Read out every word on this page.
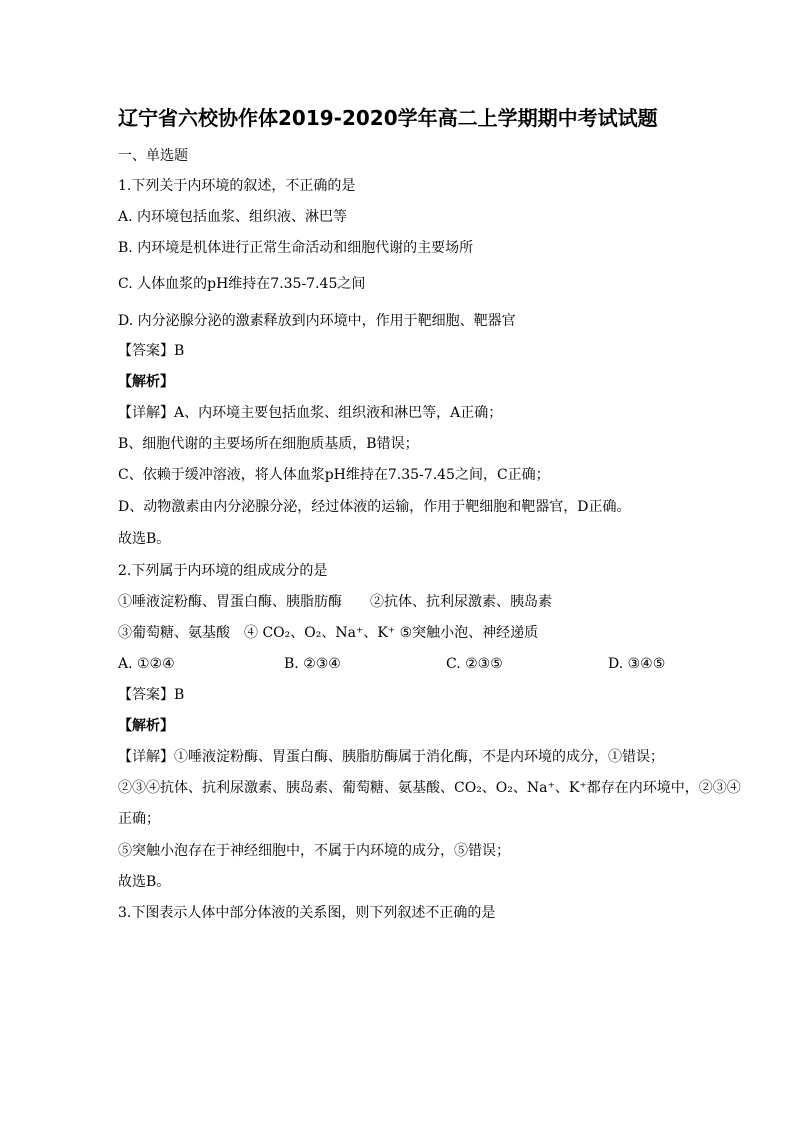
辽宁省六校协作体2019-2020学年高二上学期期中考试试题
一、单选题
1.下列关于内环境的叙述，不正确的是
A. 内环境包括血浆、组织液、淋巴等
B. 内环境是机体进行正常生命活动和细胞代谢的主要场所
C. 人体血浆的pH维持在7.35-7.45之间
D. 内分泌腺分泌的激素释放到内环境中，作用于靶细胞、靶器官
【答案】B
【解析】
【详解】A、内环境主要包括血浆、组织液和淋巴等，A正确；
B、细胞代谢的主要场所在细胞质基质，B错误；
C、依赖于缓冲溶液，将人体血浆pH维持在7.35-7.45之间，C正确；
D、动物激素由内分泌腺分泌，经过体液的运输，作用于靶细胞和靶器官，D正确。
故选B。
2.下列属于内环境的组成成分的是
①唾液淀粉酶、胃蛋白酶、胰脂肪酶　　②抗体、抗利尿激素、胰岛素
③葡萄糖、氨基酸　④ CO₂、O₂、Na⁺、K⁺ ⑤突触小泡、神经递质
A. ①②④	B. ②③④	C. ②③⑤	D. ③④⑤
【答案】B
【解析】
【详解】①唾液淀粉酶、胃蛋白酶、胰脂肪酶属于消化酶，不是内环境的成分，①错误；
②③④抗体、抗利尿激素、胰岛素、葡萄糖、氨基酸、CO₂、O₂、Na⁺、K⁺都存在内环境中，②③④
正确；
⑤突触小泡存在于神经细胞中，不属于内环境的成分，⑤错误；
故选B。
3.下图表示人体中部分体液的关系图，则下列叙述不正确的是
